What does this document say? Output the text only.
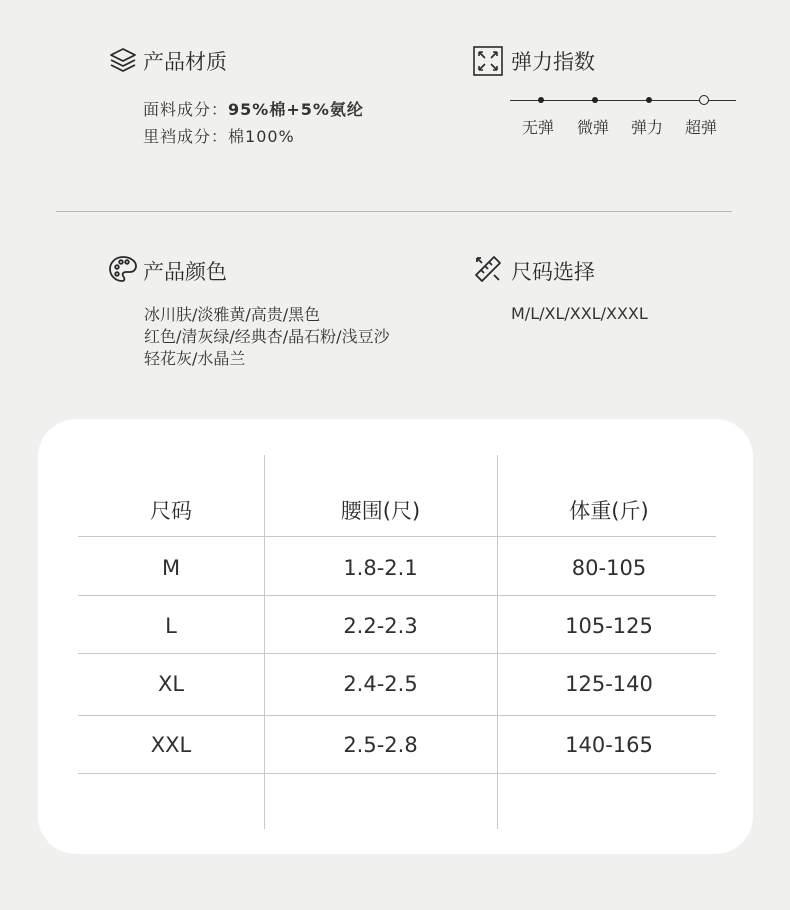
产品材质
面料成分：95%棉+5%氨纶
里裆成分：棉100%
弹力指数
无弹 微弹 弹力 超弹
产品颜色
冰川肤/淡雅黄/高贵/黑色
红色/清灰绿/经典杏/晶石粉/浅豆沙
轻花灰/水晶兰
尺码选择
M/L/XL/XXL/XXXL
尺码	腰围(尺)	体重(斤)
M	1.8-2.1	80-105
L	2.2-2.3	105-125
XL	2.4-2.5	125-140
XXL	2.5-2.8	140-165
